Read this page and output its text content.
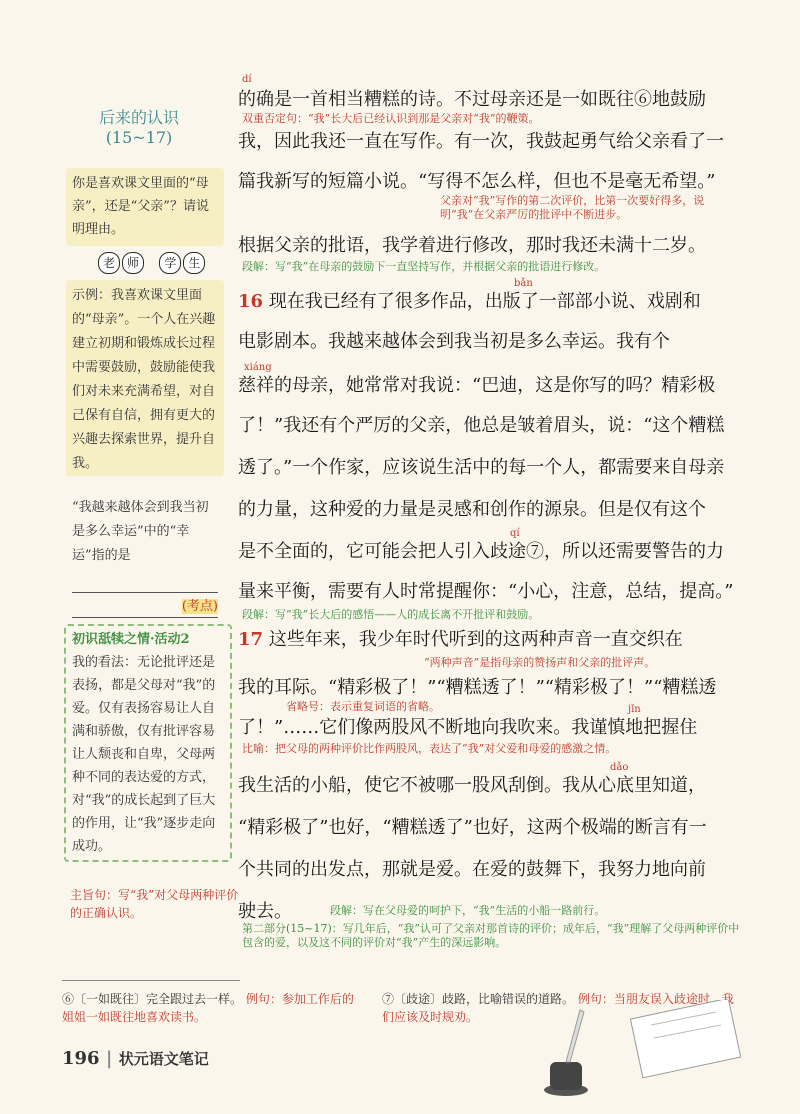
后来的认识
(15~17)
你是喜欢课文里面的“母亲”，还是“父亲”？请说明理由。
老 师 学 生
示例：我喜欢课文里面的“母亲”。一个人在兴趣建立初期和锻炼成长过程中需要鼓励，鼓励能使我们对未来充满希望，对自己保有自信，拥有更大的兴趣去探索世界，提升自我。
“我越来越体会到我当初是多么幸运”中的“幸运”指的是
(考点)
初识舐犊之情·活动2
我的看法：无论批评还是表扬，都是父母对“我”的爱。仅有表扬容易让人自满和骄傲，仅有批评容易让人颓丧和自卑，父母两种不同的表达爱的方式，对“我”的成长起到了巨大的作用，让“我”逐步走向成功。
主旨句：写“我”对父母两种评价的正确认识。
dí
的确是一首相当糟糕的诗。不过母亲还是一如既往⑥地鼓励
双重否定句：“我”长大后已经认识到那是父亲对“我”的鞭策。
我，因此我还一直在写作。有一次，我鼓起勇气给父亲看了一
篇我新写的短篇小说。“写得不怎么样，但也不是毫无希望。”
父亲对“我”写作的第二次评价，比第一次要好得多，说明“我”在父亲严厉的批评中不断进步。
根据父亲的批语，我学着进行修改，那时我还未满十二岁。
段解：写“我”在母亲的鼓励下一直坚持写作，并根据父亲的批语进行修改。
bǎn
16 现在我已经有了很多作品，出版了一部部小说、戏剧和
电影剧本。我越来越体会到我当初是多么幸运。我有个
xiáng
慈祥的母亲，她常常对我说：“巴迪，这是你写的吗？精彩极
了！”我还有个严厉的父亲，他总是皱着眉头，说：“这个糟糕
透了。”一个作家，应该说生活中的每一个人，都需要来自母亲
的力量，这种爱的力量是灵感和创作的源泉。但是仅有这个
qí
是不全面的，它可能会把人引入歧途⑦，所以还需要警告的力
量来平衡，需要有人时常提醒你：“小心，注意，总结，提高。”
段解：写“我”长大后的感悟——人的成长离不开批评和鼓励。
17 这些年来，我少年时代听到的这两种声音一直交织在
“两种声音”是指母亲的赞扬声和父亲的批评声。
我的耳际。“精彩极了！”“糟糕透了！”“精彩极了！”“糟糕透
省略号：表示重复词语的省略。	jǐn
了！”……它们像两股风不断地向我吹来。我谨慎地把握住
比喻：把父母的两种评价比作两股风，表达了“我”对父爱和母爱的感激之情。
dǎo
我生活的小船，使它不被哪一股风刮倒。我从心底里知道，
“精彩极了”也好，“糟糕透了”也好，这两个极端的断言有一
个共同的出发点，那就是爱。在爱的鼓舞下，我努力地向前
驶去。	段解：写在父母爱的呵护下，“我”生活的小船一路前行。
第二部分(15~17)：写几年后，“我”认可了父亲对那首诗的评价；成年后，“我”理解了父母两种评价中包含的爱，以及这不同的评价对“我”产生的深远影响。
⑥〔一如既往〕完全跟过去一样。 例句：参加工作后的姐姐一如既往地喜欢读书。
⑦〔歧途〕歧路，比喻错误的道路。 例句：当朋友误入歧途时，我们应该及时规劝。
196 | 状元语文笔记
